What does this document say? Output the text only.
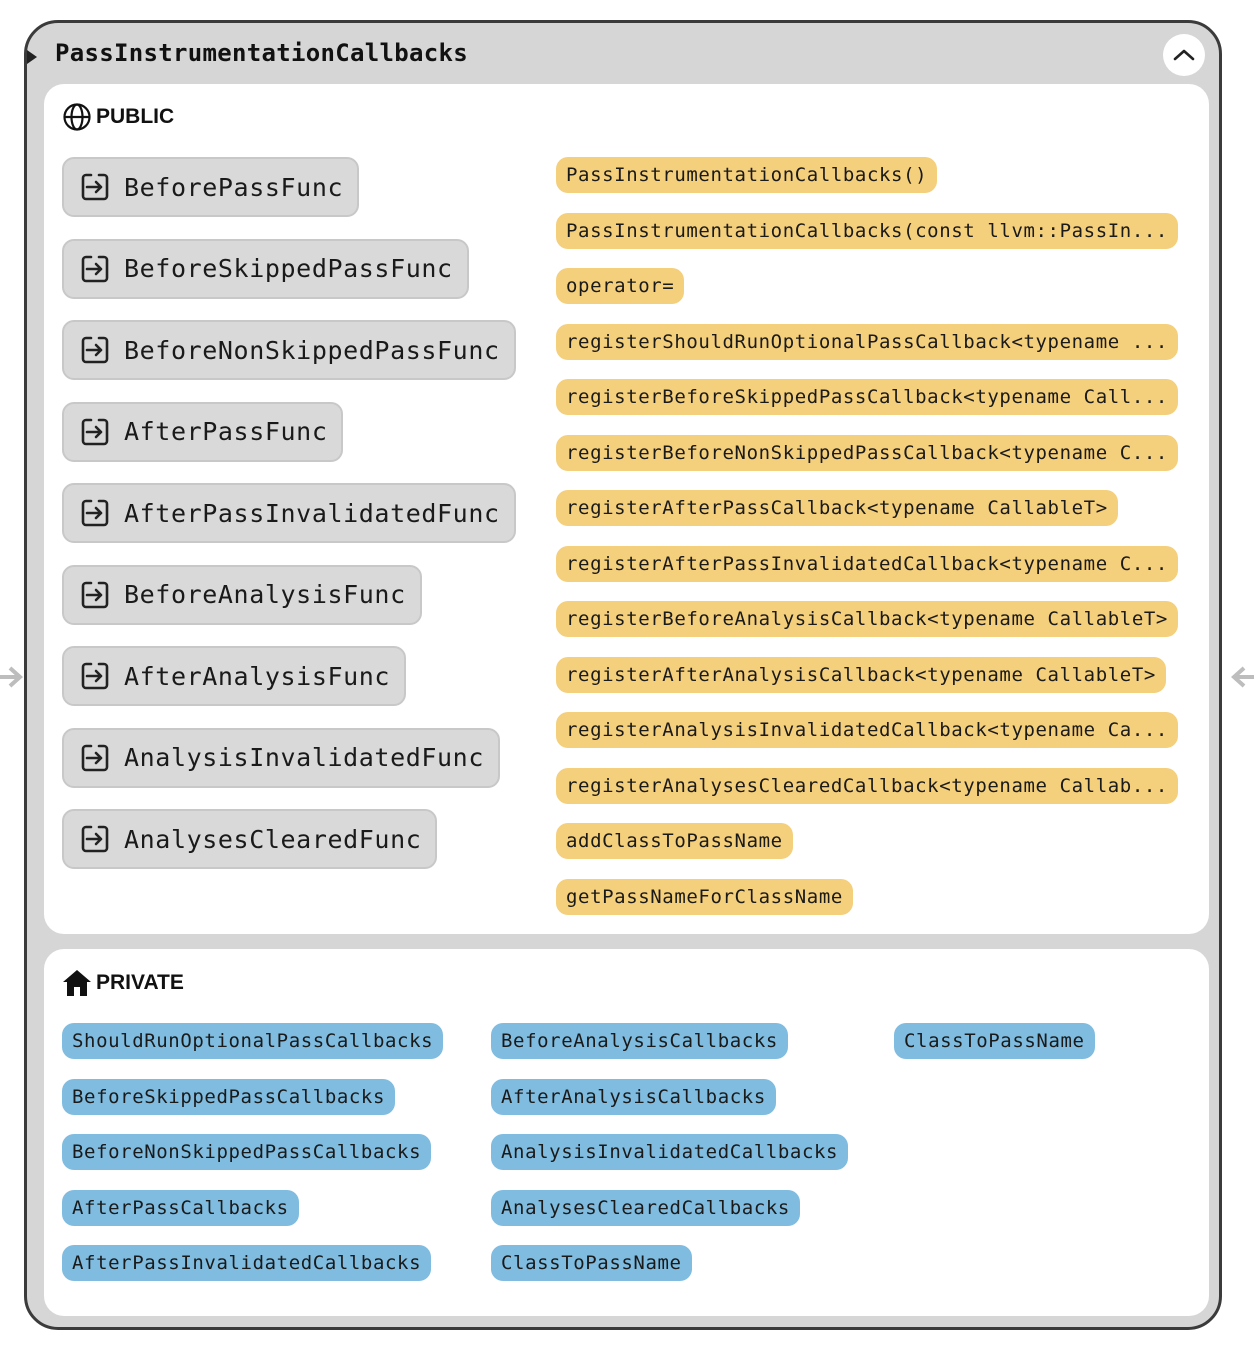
PassInstrumentationCallbacks
PUBLIC
BeforePassFunc
BeforeSkippedPassFunc
BeforeNonSkippedPassFunc
AfterPassFunc
AfterPassInvalidatedFunc
BeforeAnalysisFunc
AfterAnalysisFunc
AnalysisInvalidatedFunc
AnalysesClearedFunc
PassInstrumentationCallbacks()
PassInstrumentationCallbacks(const llvm::PassIn...
operator=
registerShouldRunOptionalPassCallback<typename ...
registerBeforeSkippedPassCallback<typename Call...
registerBeforeNonSkippedPassCallback<typename C...
registerAfterPassCallback<typename CallableT>
registerAfterPassInvalidatedCallback<typename C...
registerBeforeAnalysisCallback<typename CallableT>
registerAfterAnalysisCallback<typename CallableT>
registerAnalysisInvalidatedCallback<typename Ca...
registerAnalysesClearedCallback<typename Callab...
addClassToPassName
getPassNameForClassName
PRIVATE
ShouldRunOptionalPassCallbacks
BeforeSkippedPassCallbacks
BeforeNonSkippedPassCallbacks
AfterPassCallbacks
AfterPassInvalidatedCallbacks
BeforeAnalysisCallbacks
AfterAnalysisCallbacks
AnalysisInvalidatedCallbacks
AnalysesClearedCallbacks
ClassToPassName
ClassToPassName
